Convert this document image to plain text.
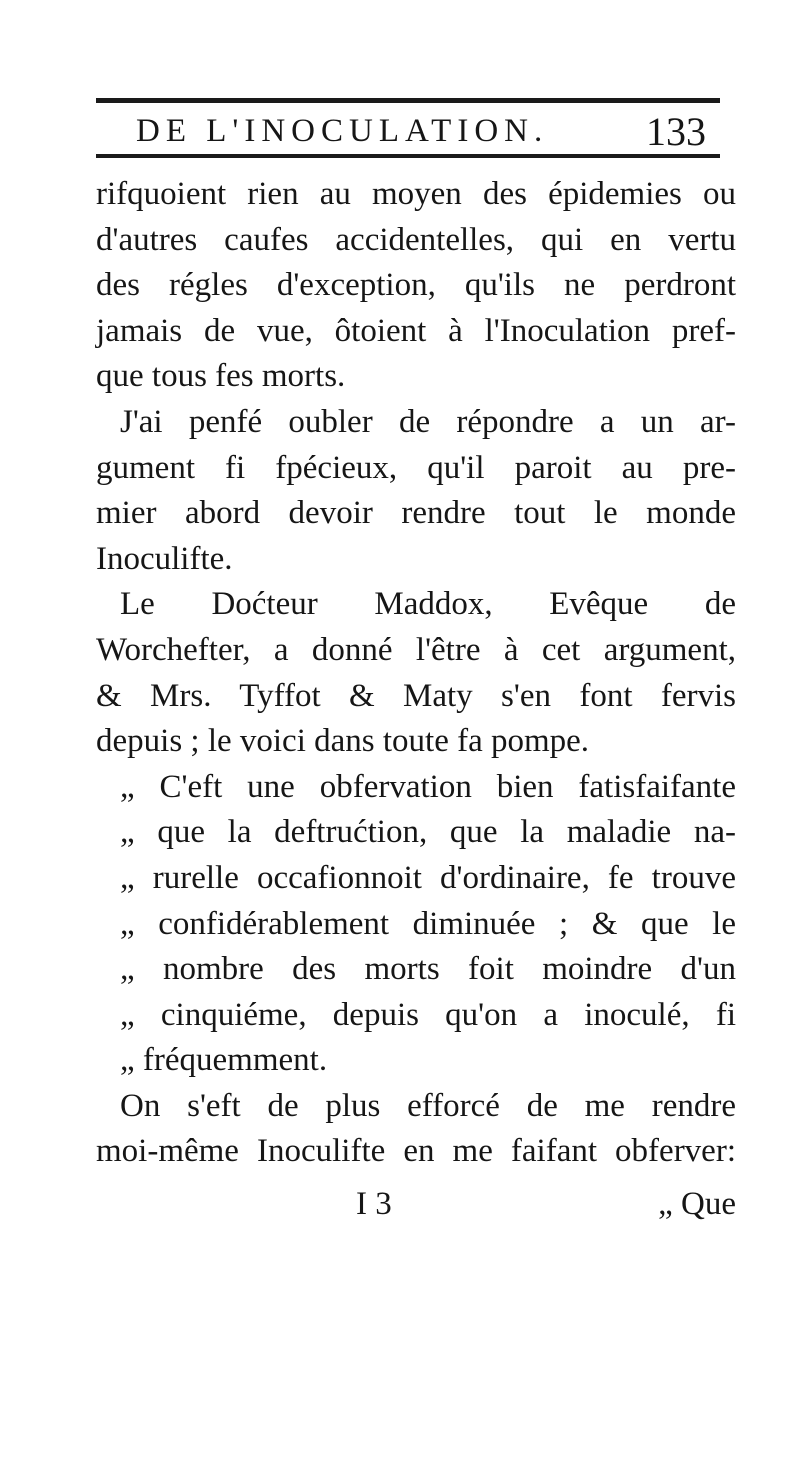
DE L'INOCULATION. 133
rifquoient rien au moyen des épidemies ou
d'autres caufes accidentelles, qui en vertu
des régles d'exception, qu'ils ne perdront
jamais de vue, ôtoient à l'Inoculation pref-
que tous fes morts.
J'ai penfé oubler de répondre a un ar-
gument fi fpécieux, qu'il paroit au pre-
mier abord devoir rendre tout le monde
Inoculifte.
Le Doćteur Maddox, Evêque de
Worchefter, a donné l'être à cet argument,
& Mrs. Tyffot & Maty s'en font fervis
depuis ; le voici dans toute fa pompe.
„ C'eft une obfervation bien fatisfaifante
„ que la deftrućtion, que la maladie na-
„ rurelle occafionnoit d'ordinaire, fe trouve
„ confidérablement diminuée ; & que le
„ nombre des morts foit moindre d'un
„ cinquiéme, depuis qu'on a inoculé, fi
„ fréquemment.
On s'eft de plus efforcé de me rendre
moi-même Inoculifte en me faifant obferver:
I 3	„ Que
